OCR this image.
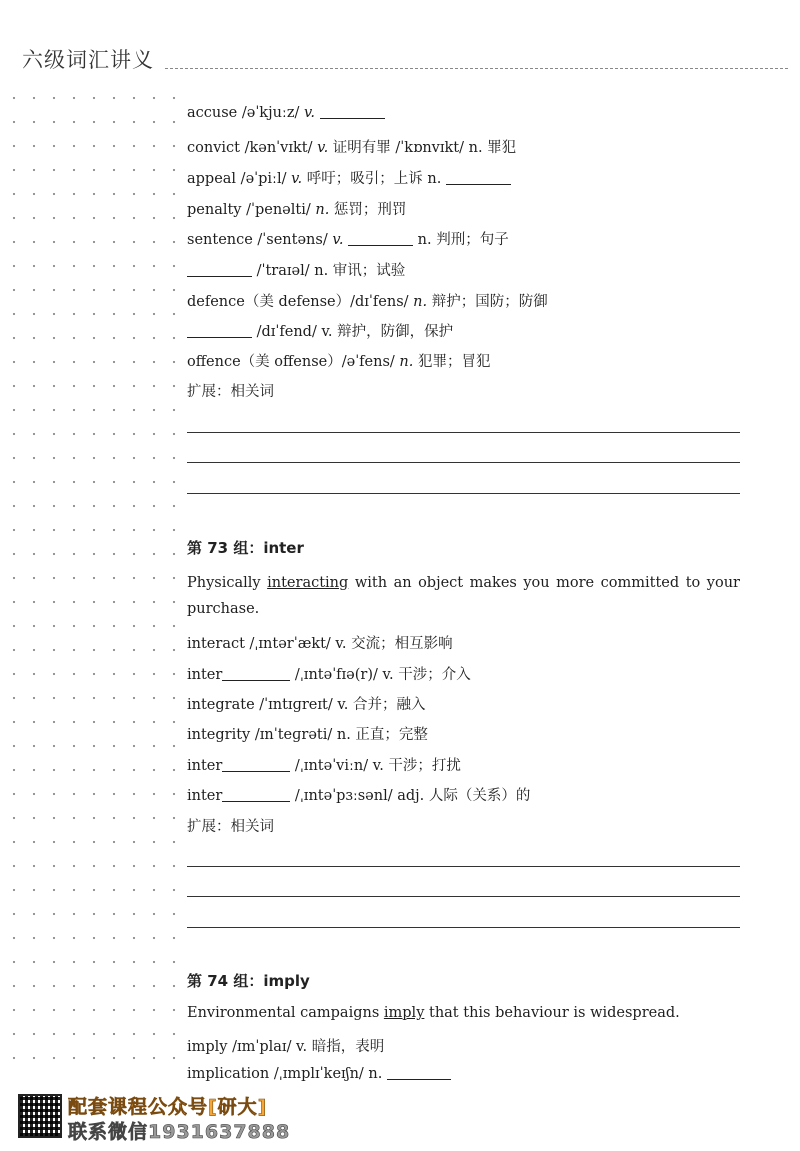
六级词汇讲义
accuse /əˈkjuːz/ v.
convict /kənˈvɪkt/ v. 证明有罪 /ˈkɒnvɪkt/ n. 罪犯
appeal /əˈpiːl/ v. 呼吁；吸引；上诉 n.
penalty /ˈpenəlti/ n. 惩罚；刑罚
sentence /ˈsentəns/ v.	n. 判刑；句子
/ˈtraɪəl/ n. 审讯；试验
defence（美 defense）/dɪˈfens/ n. 辩护；国防；防御
/dɪˈfend/ v. 辩护，防御，保护
offence（美 offense）/əˈfens/ n. 犯罪；冒犯
扩展：相关词
第 73 组：inter
Physically interacting with an object makes you more committed to your purchase.
interact /ˌɪntərˈækt/ v. 交流；相互影响
inter	/ˌɪntəˈfɪə(r)/ v. 干涉；介入
integrate /ˈɪntɪɡreɪt/ v. 合并；融入
integrity /ɪnˈteɡrəti/ n. 正直；完整
inter	/ˌɪntəˈviːn/ v. 干涉；打扰
inter	/ˌɪntəˈpɜːsənl/ adj. 人际（关系）的
扩展：相关词
第 74 组：imply
Environmental campaigns imply that this behaviour is widespread.
imply /ɪmˈplaɪ/ v. 暗指，表明
implication /ˌɪmplɪˈkeɪʃn/ n.
配套课程公众号[研大]
联系微信1931637888
